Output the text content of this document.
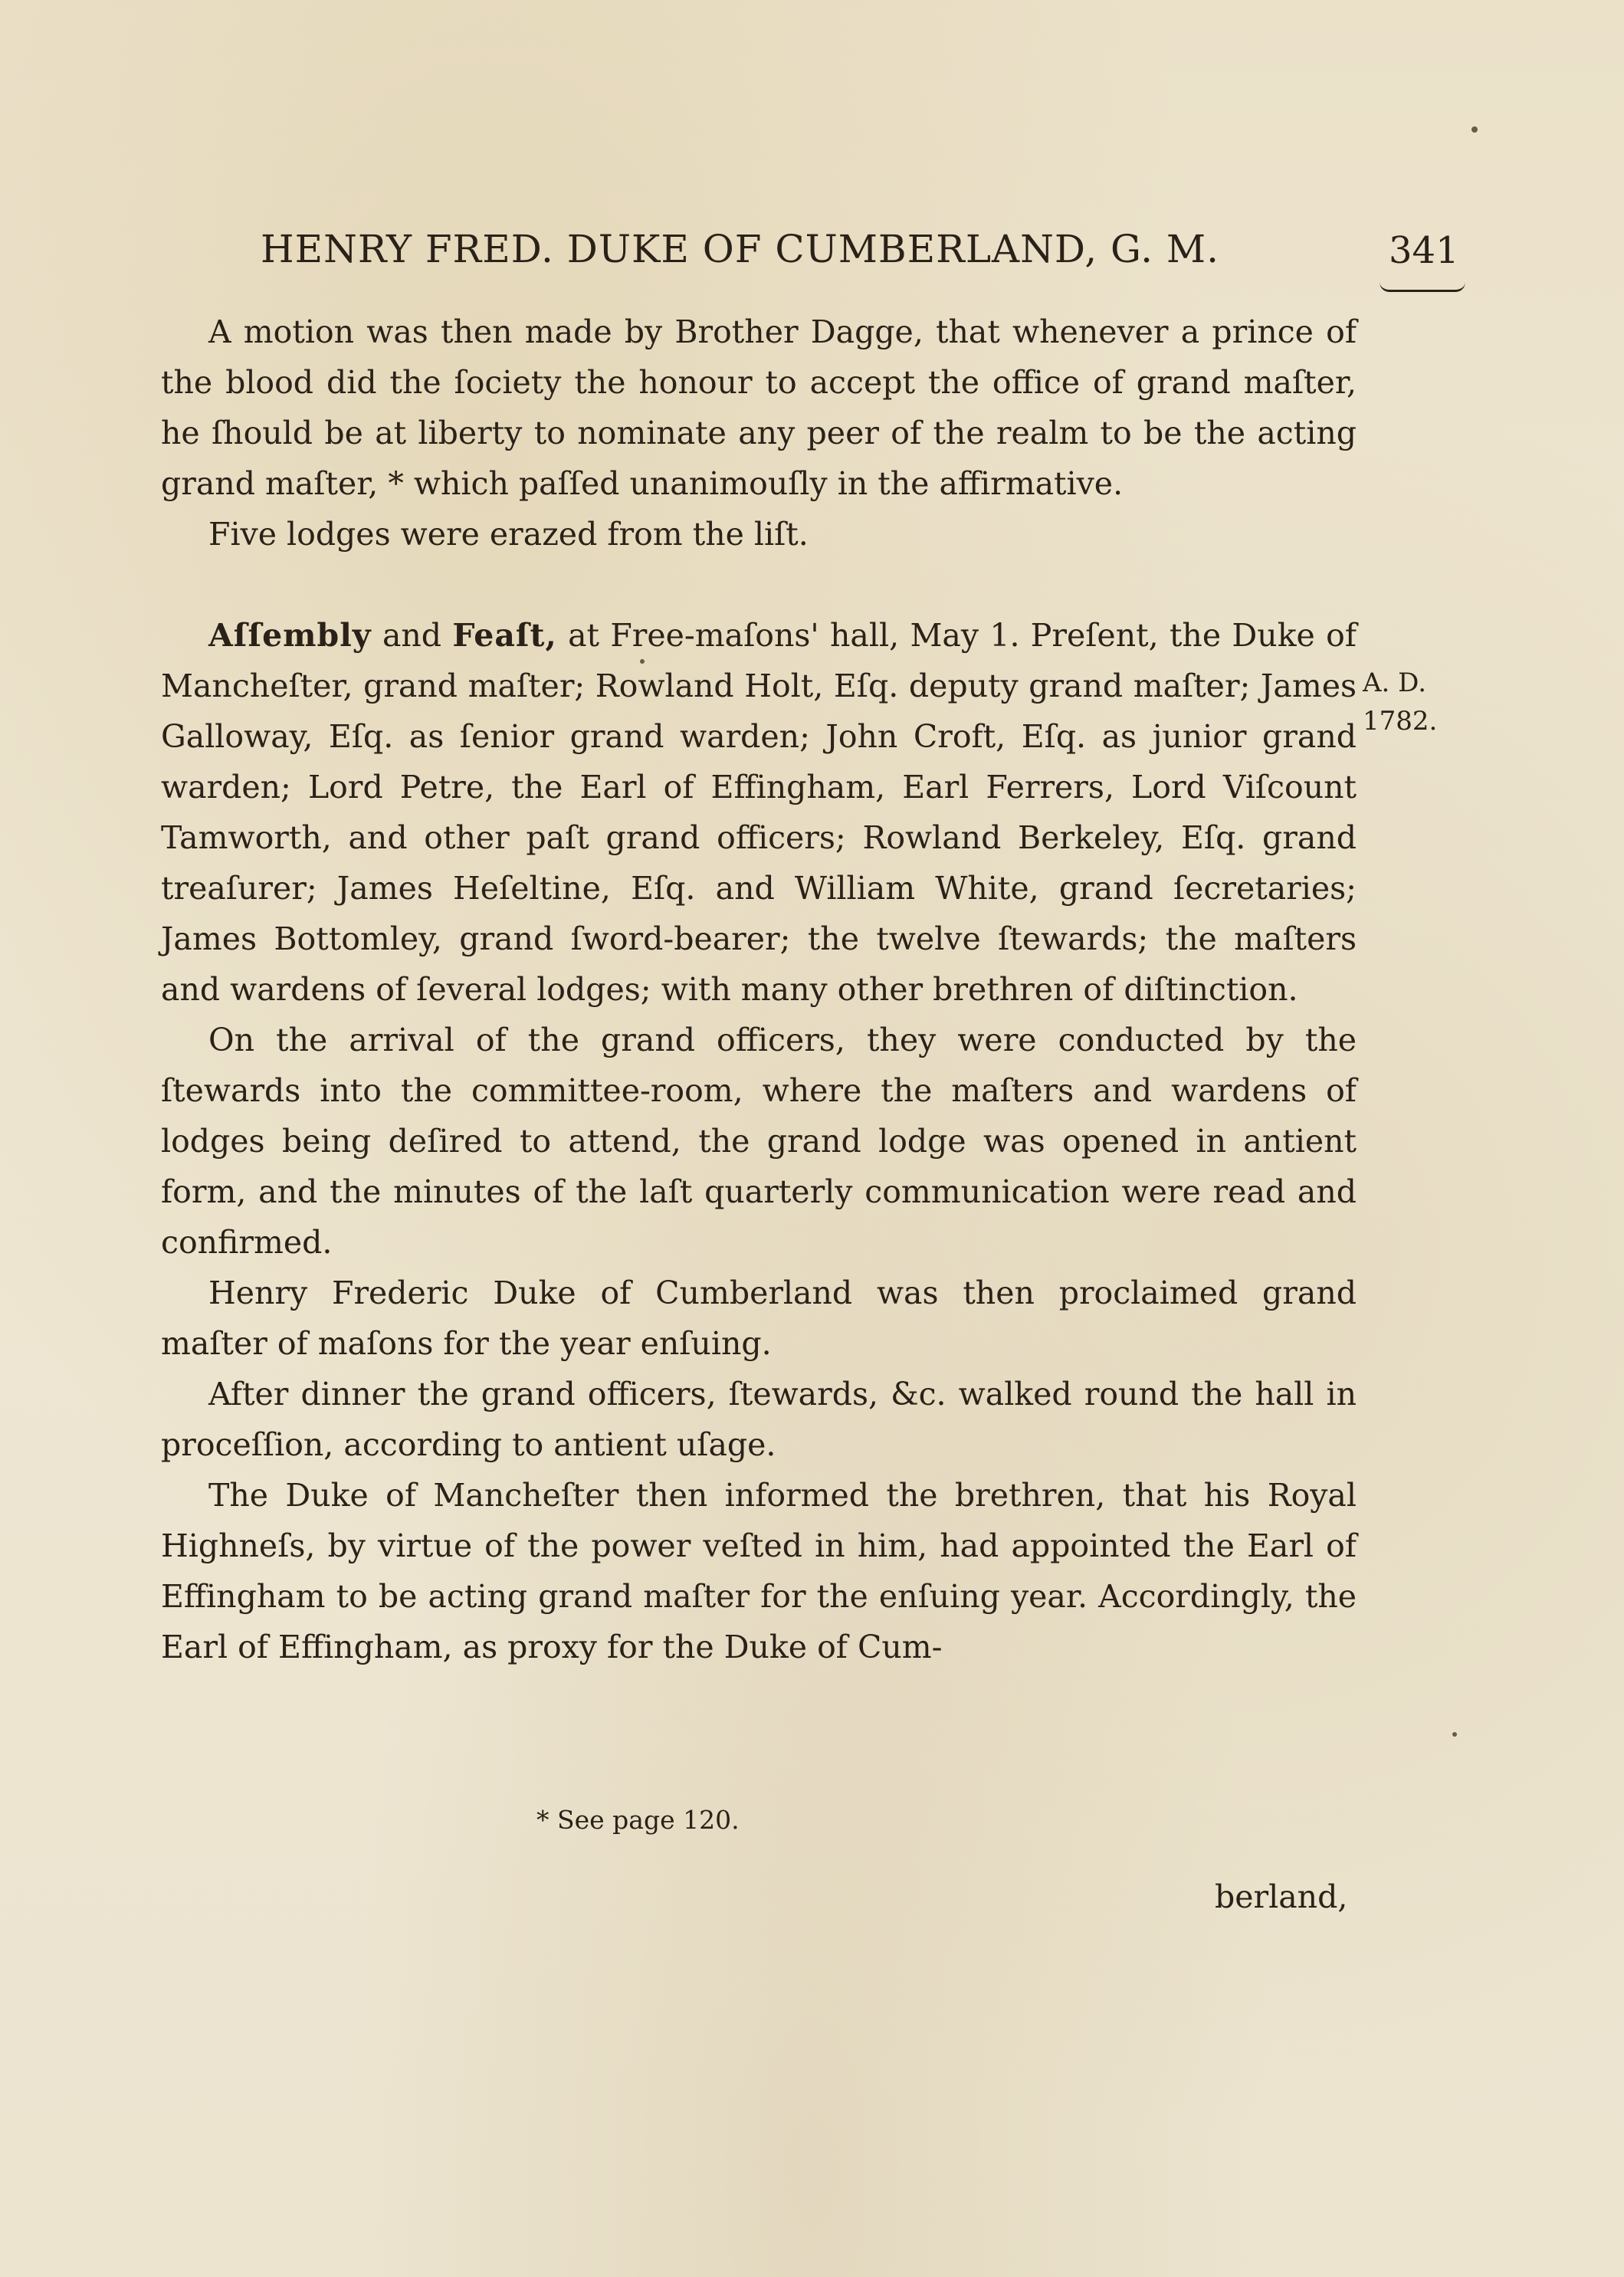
HENRY FRED. DUKE OF CUMBERLAND, G. M.	341

A motion was then made by Brother Dagge, that whenever a prince of the blood did the ſociety the honour to accept the office of grand maſter, he ſhould be at liberty to nominate any peer of the realm to be the acting grand maſter, * which paſſed unanimouſly in the affirmative.

Five lodges were erazed from the liſt.

Aſſembly and Feaſt, at Free-maſons' hall, May 1. Preſent, the Duke of Mancheſter, grand maſter; Rowland Holt, Eſq. deputy grand maſter; James Galloway, Eſq. as ſenior grand warden; John Croft, Eſq. as junior grand warden; Lord Petre, the Earl of Effingham, Earl Ferrers, Lord Viſcount Tamworth, and other paſt grand officers; Rowland Berkeley, Eſq. grand treaſurer; James Heſeltine, Eſq. and William White, grand ſecretaries; James Bottomley, grand ſword-bearer; the twelve ſtewards; the maſters and wardens of ſeveral lodges; with many other brethren of diſtinction.

On the arrival of the grand officers, they were conducted by the ſtewards into the committee-room, where the maſters and wardens of lodges being deſired to attend, the grand lodge was opened in antient form, and the minutes of the laſt quarterly communication were read and confirmed.

Henry Frederic Duke of Cumberland was then proclaimed grand maſter of maſons for the year enſuing.

After dinner the grand officers, ſtewards, &c. walked round the hall in proceſſion, according to antient uſage.

The Duke of Mancheſter then informed the brethren, that his Royal Highneſs, by virtue of the power veſted in him, had appointed the Earl of Effingham to be acting grand maſter for the enſuing year. Accordingly, the Earl of Effingham, as proxy for the Duke of Cum-

A. D.
1782.
* See page 120.
berland,
